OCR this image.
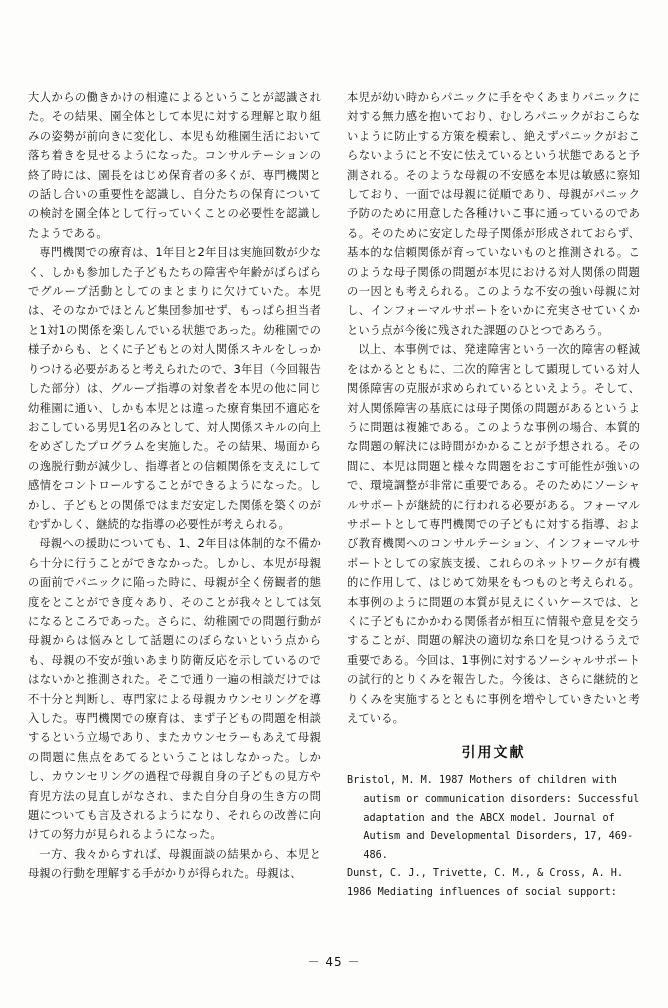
大人からの働きかけの相違によるということが認識された。その結果、園全体として本児に対する理解と取り組みの姿勢が前向きに変化し、本児も幼稚園生活において落ち着きを見せるようになった。コンサルテーションの終了時には、園長をはじめ保育者の多くが、専門機関との話し合いの重要性を認識し、自分たちの保育についての検討を園全体として行っていくことの必要性を認識したようである。

専門機関での療育は、1年目と2年目は実施回数が少なく、しかも参加した子どもたちの障害や年齢がばらばらでグループ活動としてのまとまりに欠けていた。本児は、そのなかでほとんど集団参加せず、もっぱら担当者と1対1の関係を楽しんでいる状態であった。幼稚園での様子からも、とくに子どもとの対人関係スキルをしっかりつける必要があると考えられたので、3年目（今回報告した部分）は、グループ指導の対象者を本児の他に同じ幼稚園に通い、しかも本児とは違った療育集団不適応をおこしている男児1名のみとして、対人関係スキルの向上をめざしたプログラムを実施した。その結果、場面からの逸脱行動が減少し、指導者との信頼関係を支えにして感情をコントロールすることができるようになった。しかし、子どもとの関係ではまだ安定した関係を築くのがむずかしく、継続的な指導の必要性が考えられる。

母親への援助についても、1、2年目は体制的な不備から十分に行うことができなかった。しかし、本児が母親の面前でパニックに陥った時に、母親が全く傍観者的態度をとことができ度々あり、そのことが我々としては気になるところであった。さらに、幼稚園での問題行動が母親からは悩みとして話題にのぼらないという点からも、母親の不安が強いあまり防衛反応を示しているのではないかと推測された。そこで通り一遍の相談だけでは不十分と判断し、専門家による母親カウンセリングを導入した。専門機関での療育は、まず子どもの問題を相談するという立場であり、またカウンセラーもあえて母親の問題に焦点をあてるということはしなかった。しかし、カウンセリングの過程で母親自身の子どもの見方や育児方法の見直しがなされ、また自分自身の生き方の問題についても言及されるようになり、それらの改善に向けての努力が見られるようになった。

一方、我々からすれば、母親面談の結果から、本児と母親の行動を理解する手がかりが得られた。母親は、

本児が幼い時からパニックに手をやくあまりパニックに対する無力感を抱いており、むしろパニックがおこらないように防止する方策を模索し、絶えずパニックがおこらないようにと不安に怯えているという状態であると予測される。そのような母親の不安感を本児は敏感に察知しており、一面では母親に従順であり、母親がパニック予防のために用意した各種けいこ事に通っているのである。そのために安定した母子関係が形成されておらず、基本的な信頼関係が育っていないものと推測される。このような母子関係の問題が本児における対人関係の問題の一因とも考えられる。このような不安の強い母親に対し、インフォーマルサポートをいかに充実させていくかという点が今後に残された課題のひとつであろう。

以上、本事例では、発達障害という一次的障害の軽減をはかるとともに、二次的障害として顕現している対人関係障害の克服が求められているといえよう。そして、対人関係障害の基底には母子関係の問題があるというように問題は複雑である。このような事例の場合、本質的な問題の解決には時間がかかることが予想される。その間に、本児は問題と様々な問題をおこす可能性が強いので、環境調整が非常に重要である。そのためにソーシャルサポートが継続的に行われる必要がある。フォーマルサポートとして専門機関での子どもに対する指導、および教育機関へのコンサルテーション、インフォーマルサポートとしての家族支援、これらのネットワークが有機的に作用して、はじめて効果をもつものと考えられる。本事例のように問題の本質が見えにくいケースでは、とくに子どもにかかわる関係者が相互に情報や意見を交うすることが、問題の解決の適切な糸口を見つけるうえで重要である。今回は、1事例に対するソーシャルサポートの試行的とりくみを報告した。今後は、さらに継続的とりくみを実施するとともに事例を増やしていきたいと考えている。

引用文献

Bristol, M. M. 1987 Mothers of children with autism or communication disorders: Successful adaptation and the ABCX model. Journal of Autism and Developmental Disorders, 17, 469-486.

Dunst, C. J., Trivette, C. M., & Cross, A. H.

1986 Mediating influences of social support:

－ 45 －
